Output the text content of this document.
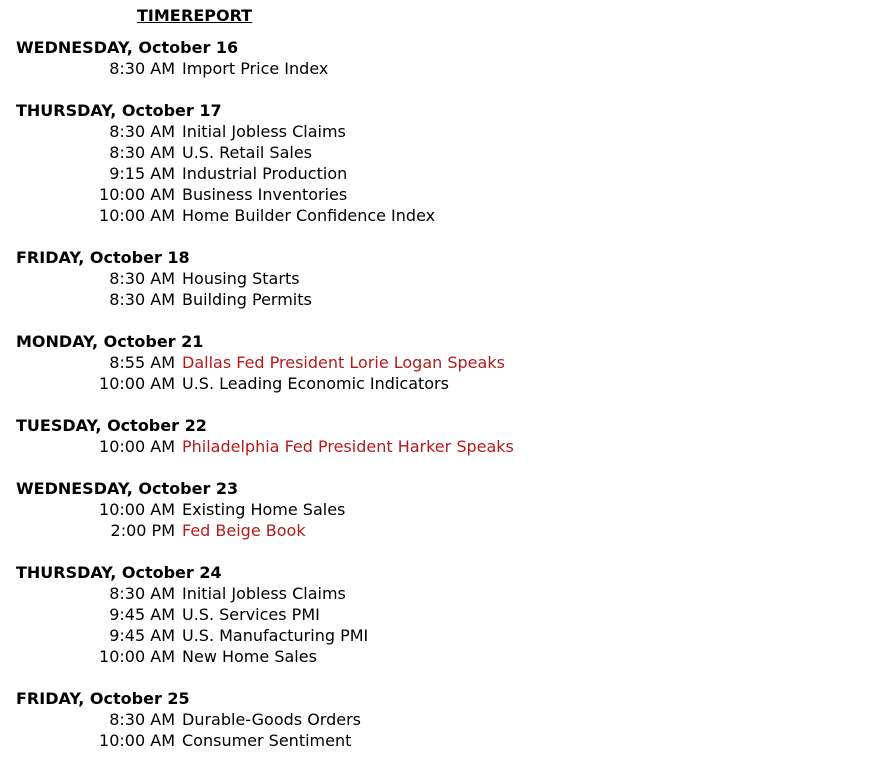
TIME REPORT
WEDNESDAY, October 16
8:30 AM Import Price Index
THURSDAY, October 17
8:30 AM Initial Jobless Claims
8:30 AM U.S. Retail Sales
9:15 AM Industrial Production
10:00 AM Business Inventories
10:00 AM Home Builder Confidence Index
FRIDAY, October 18
8:30 AM Housing Starts
8:30 AM Building Permits
MONDAY, October 21
8:55 AM Dallas Fed President Lorie Logan Speaks
10:00 AM U.S. Leading Economic Indicators
TUESDAY, October 22
10:00 AM Philadelphia Fed President Harker Speaks
WEDNESDAY, October 23
10:00 AM Existing Home Sales
2:00 PM Fed Beige Book
THURSDAY, October 24
8:30 AM Initial Jobless Claims
9:45 AM U.S. Services PMI
9:45 AM U.S. Manufacturing PMI
10:00 AM New Home Sales
FRIDAY, October 25
8:30 AM Durable-Goods Orders
10:00 AM Consumer Sentiment
